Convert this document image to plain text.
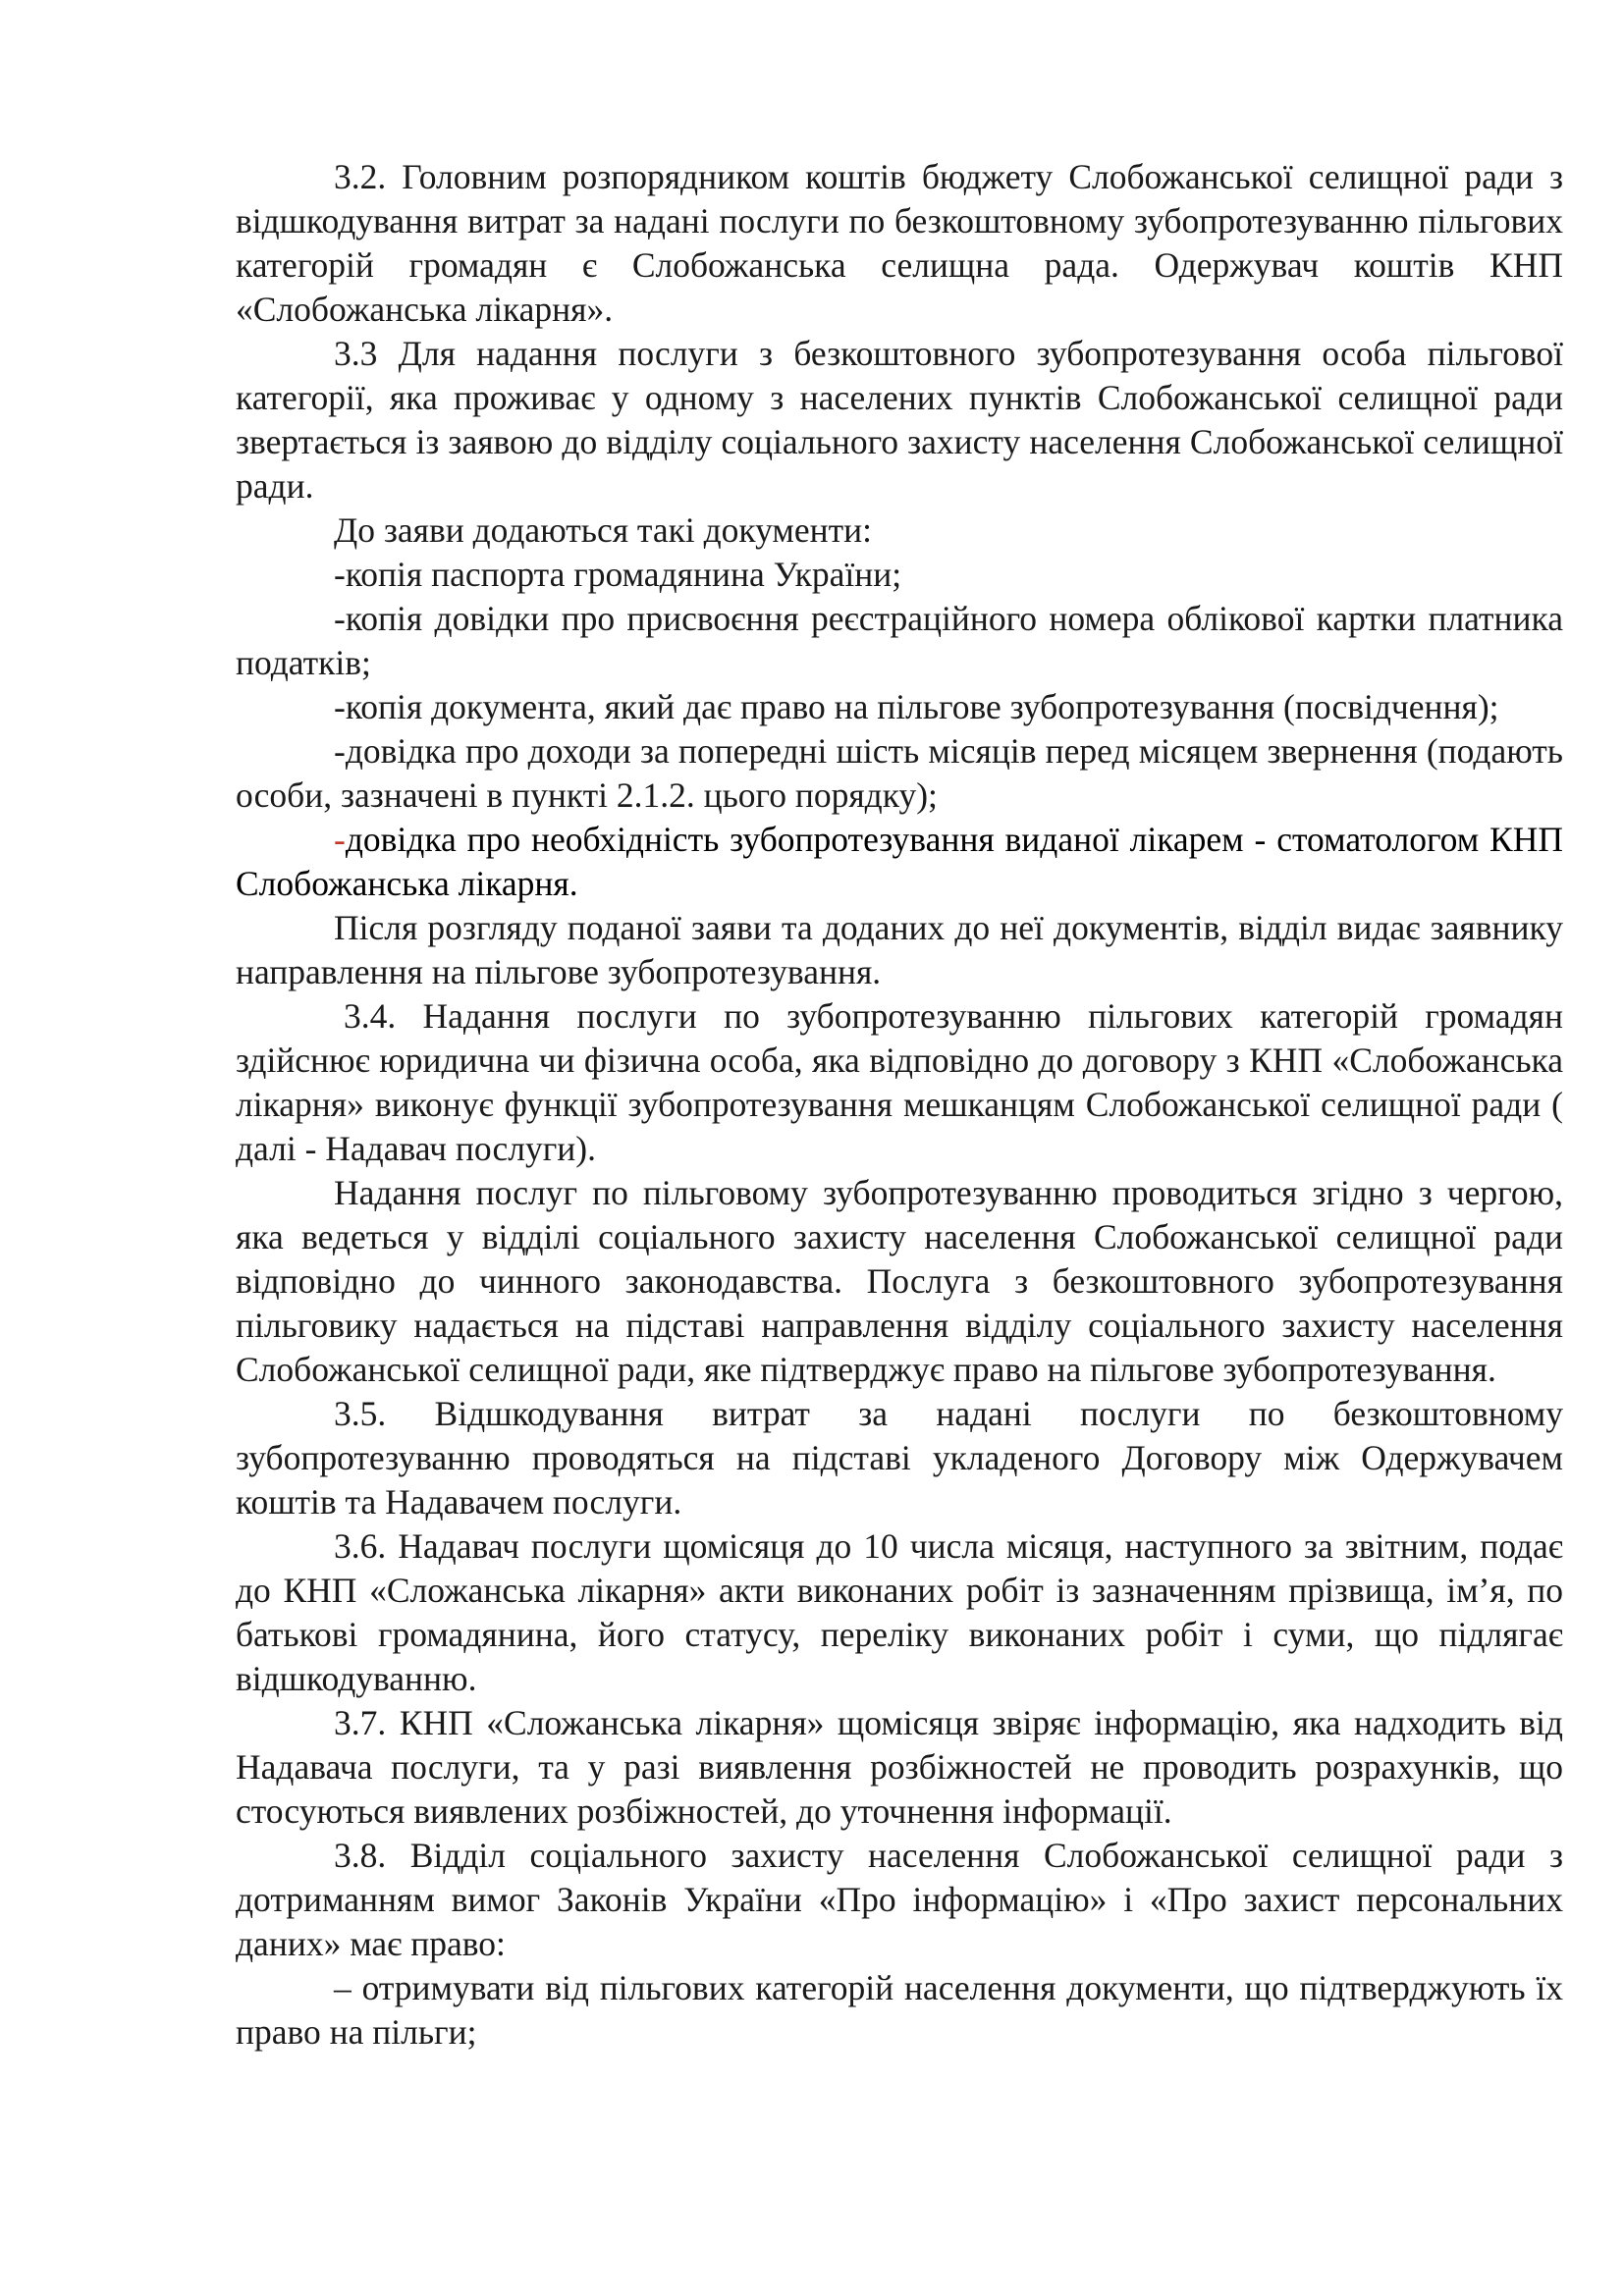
3.2. Головним розпорядником коштів бюджету Слобожанської селищної ради з відшкодування витрат за надані послуги по безкоштовному зубопротезуванню пільгових категорій громадян є Слобожанська селищна рада. Одержувач коштів КНП «Слобожанська лікарня».

3.3 Для надання послуги з безкоштовного зубопротезування особа пільгової категорії, яка проживає у одному з населених пунктів Слобожанської селищної ради звертається із заявою до відділу соціального захисту населення Слобожанської селищної ради.

До заяви додаються такі документи:

-копія паспорта громадянина України;

-копія довідки про присвоєння реєстраційного номера облікової картки платника податків;

-копія документа, який дає право на пільгове зубопротезування (посвідчення);

-довідка про доходи за попередні шість місяців перед місяцем звернення (подають особи, зазначені в пункті 2.1.2. цього порядку);

-довідка про необхідність зубопротезування виданої лікарем - стоматологом КНП Слобожанська лікарня.

Після розгляду поданої заяви та доданих до неї документів, відділ видає заявнику направлення на пільгове зубопротезування.

3.4. Надання послуги по зубопротезуванню пільгових категорій громадян здійснює юридична чи фізична особа, яка відповідно до договору з КНП «Слобожанська лікарня» виконує функції зубопротезування мешканцям Слобожанської селищної ради ( далі - Надавач послуги).

Надання послуг по пільговому зубопротезуванню проводиться згідно з чергою, яка ведеться у відділі соціального захисту населення Слобожанської селищної ради відповідно до чинного законодавства. Послуга з безкоштовного зубопротезування пільговику надається на підставі направлення відділу соціального захисту населення Слобожанської селищної ради, яке підтверджує право на пільгове зубопротезування.

3.5. Відшкодування витрат за надані послуги по безкоштовному зубопротезуванню проводяться на підставі укладеного Договору між Одержувачем коштів та Надавачем послуги.

3.6. Надавач послуги щомісяця до 10 числа місяця, наступного за звітним, подає до КНП «Сложанська лікарня» акти виконаних робіт із зазначенням прізвища, ім’я, по батькові громадянина, його статусу, переліку виконаних робіт і суми, що підлягає відшкодуванню.

3.7. КНП «Сложанська лікарня» щомісяця звіряє інформацію, яка надходить від Надавача послуги, та у разі виявлення розбіжностей не проводить розрахунків, що стосуються виявлених розбіжностей, до уточнення інформації.

3.8. Відділ соціального захисту населення Слобожанської селищної ради з дотриманням вимог Законів України «Про інформацію» і «Про захист персональних даних» має право:

– отримувати від пільгових категорій населення документи, що підтверджують їх право на пільги;
